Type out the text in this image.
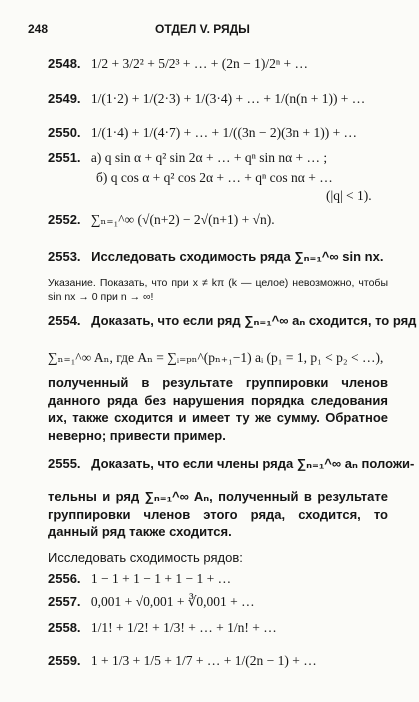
248	ОТДЕЛ V. РЯДЫ
2548. 1/2 + 3/2² + 5/2³ + … + (2n − 1)/2ⁿ + …
2549. 1/(1·2) + 1/(2·3) + 1/(3·4) + … + 1/(n(n + 1)) + …
2550. 1/(1·4) + 1/(4·7) + … + 1/((3n − 2)(3n + 1)) + …
2551. а) q sin α + q² sin 2α + … + qⁿ sin nα + … ;
б) q cos α + q² cos 2α + … + qⁿ cos nα + …
(|q| < 1).
2552. ∑ₙ₌₁^∞ (√(n+2) − 2√(n+1) + √n).
2553. Исследовать сходимость ряда ∑ₙ₌₁^∞ sin nx.
Указание. Показать, что при x ≠ kπ (k — целое) невозможно, чтобы sin nx → 0 при n → ∞!
2554. Доказать, что если ряд ∑ₙ₌₁^∞ aₙ сходится, то ряд
∑ₙ₌₁^∞ Aₙ, где Aₙ = ∑ᵢ₌ₚₙ^(pₙ₊₁−1) aᵢ (p₁ = 1, p₁ < p₂ < …),
полученный в результате группировки членов данного ряда без нарушения порядка следования их, также сходится и имеет ту же сумму. Обратное неверно; привести пример.
2555. Доказать, что если члены ряда ∑ₙ₌₁^∞ aₙ положи-
тельны и ряд ∑ₙ₌₁^∞ Aₙ, полученный в результате группировки членов этого ряда, сходится, то данный ряд также сходится.
Исследовать сходимость рядов:
2556. 1 − 1 + 1 − 1 + 1 − 1 + …
2557. 0,001 + √0,001 + ∛0,001 + …
2558. 1/1! + 1/2! + 1/3! + … + 1/n! + …
2559. 1 + 1/3 + 1/5 + 1/7 + … + 1/(2n − 1) + …
